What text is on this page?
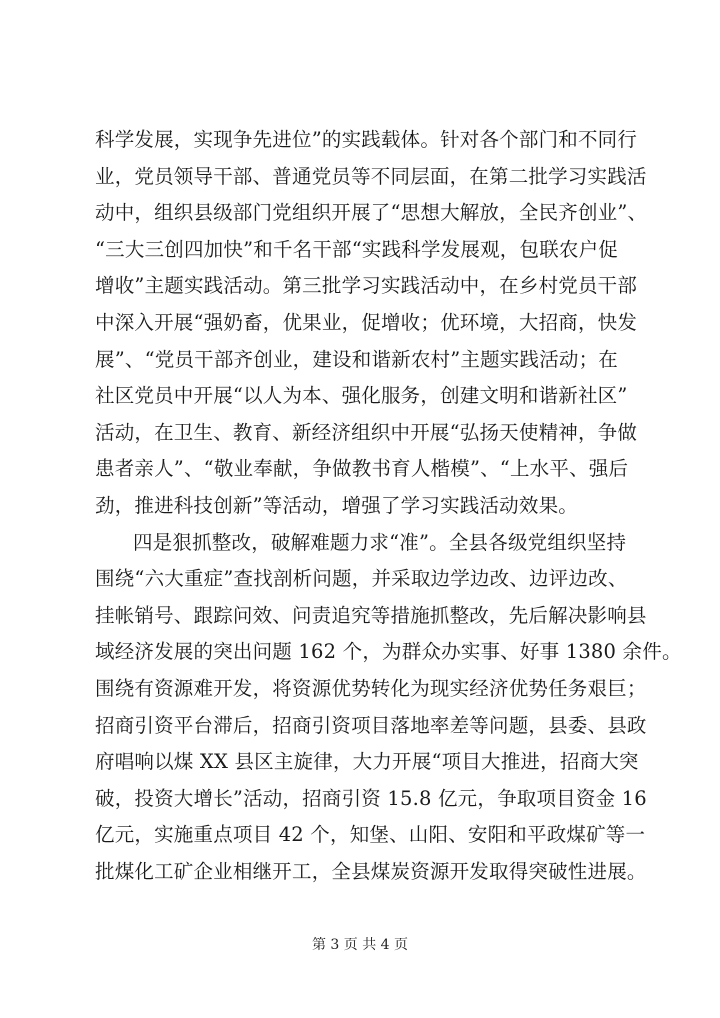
科学发展，实现争先进位”的实践载体。针对各个部门和不同行
业，党员领导干部、普通党员等不同层面，在第二批学习实践活
动中，组织县级部门党组织开展了“思想大解放，全民齐创业”、
“三大三创四加快”和千名干部“实践科学发展观，包联农户促
增收”主题实践活动。第三批学习实践活动中，在乡村党员干部
中深入开展“强奶畜，优果业，促增收；优环境，大招商，快发
展”、“党员干部齐创业，建设和谐新农村”主题实践活动；在
社区党员中开展“以人为本、强化服务，创建文明和谐新社区”
活动，在卫生、教育、新经济组织中开展“弘扬天使精神，争做
患者亲人”、“敬业奉献，争做教书育人楷模”、“上水平、强后
劲，推进科技创新”等活动，增强了学习实践活动效果。
四是狠抓整改，破解难题力求“准”。全县各级党组织坚持
围绕“六大重症”查找剖析问题，并采取边学边改、边评边改、
挂帐销号、跟踪问效、问责追究等措施抓整改，先后解决影响县
域经济发展的突出问题 162 个，为群众办实事、好事 1380 余件。
围绕有资源难开发，将资源优势转化为现实经济优势任务艰巨；
招商引资平台滞后，招商引资项目落地率差等问题，县委、县政
府唱响以煤 XX 县区主旋律，大力开展“项目大推进，招商大突
破，投资大增长”活动，招商引资 15.8 亿元，争取项目资金 16
亿元，实施重点项目 42 个，知堡、山阳、安阳和平政煤矿等一
批煤化工矿企业相继开工，全县煤炭资源开发取得突破性进展。
第 3 页 共 4 页
